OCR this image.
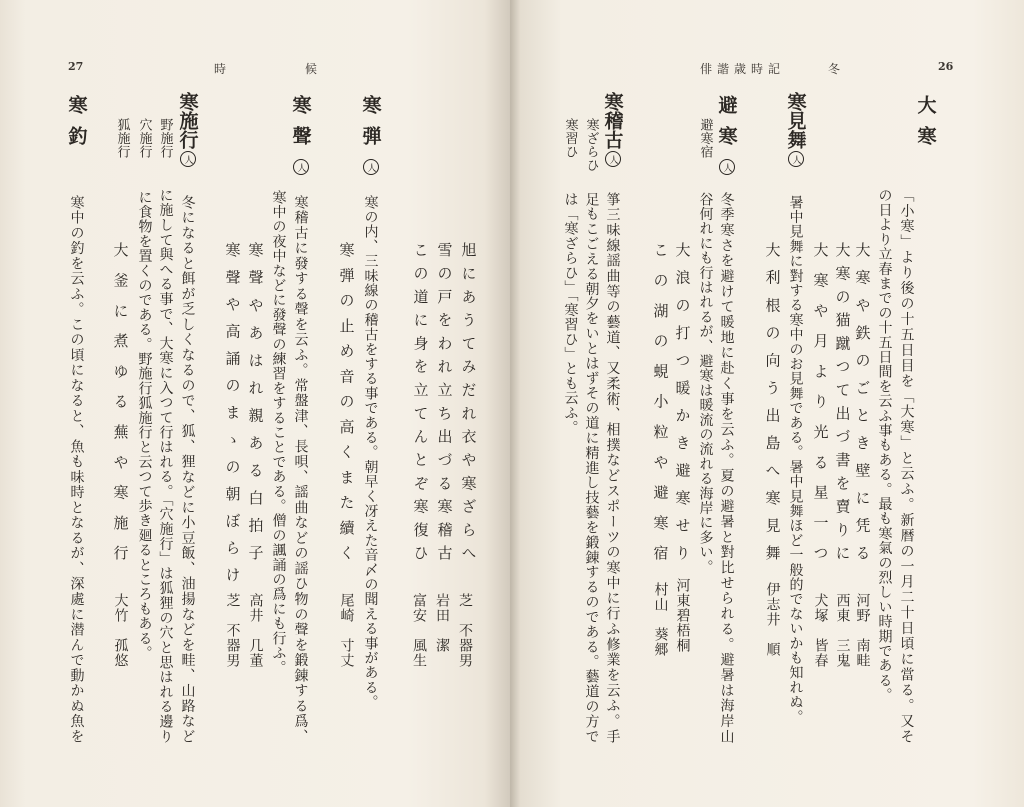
27	時	候
旭にあうてみだれ衣や寒ざらへ
芝　不器男
雪の戸をわれ立ち出づる寒稽古
岩田　潔
この道に身を立てんとぞ寒復ひ
富安　風生
寒弾人
寒の内、三味線の稽古をする事である。朝早く冴えた音〆の聞える事がある。
寒弾の止め音の高くまた續く
尾崎　寸丈
寒聲人
寒稽古に發する聲を云ふ。常盤津、長唄、謡曲などの謡ひ物の聲を鍛錬する爲、
寒中の夜中などに發聲の練習をすることである。僧の諷誦の爲にも行ふ。
寒聲やあはれ親ある白拍子
高井　几董
寒聲や高誦のまゝの朝ぼらけ
芝　不器男
寒施行人
冬になると餌が乏しくなるので、狐、狸などに小豆飯、油揚などを畦、山路など
野施行
に施して與へる事で、大寒に入つて行はれる。「穴施行」は狐狸の穴と思はれる邊り
穴施行
に食物を置くのである。野施行狐施行と云つて歩き廻るところもある。
狐施行
大釜に煮ゆる蕪や寒施行
大竹　孤悠
寒釣
寒中の釣を云ふ。この頃になると、魚も味時となるが、深處に潜んで動かぬ魚を
俳諧歳時記	冬	26
大寒
「小寒」より後の十五日目を「大寒」と云ふ。新暦の一月二十日頃に當る。又そ
の日より立春までの十五日間を云ふ事もある。最も寒氣の烈しい時期である。
大寒や鉄のごとき壁に凭る
河野　南畦
大寒の猫蹴つて出づ書を賣りに
西東　三鬼
大寒や月より光る星一つ
犬塚　皆春
寒見舞人
暑中見舞に對する寒中のお見舞である。暑中見舞ほど一般的でないかも知れぬ。
大利根の向う出島へ寒見舞
伊志井　順
避寒人
冬季寒さを避けて暖地に赴く事を云ふ。夏の避暑と對比せられる。避暑は海岸山
避寒宿
谷何れにも行はれるが、避寒は暖流の流れる海岸に多い。
大浪の打つ暖かき避寒せり
河東碧梧桐
この湖の蜆小粒や避寒宿
村山　葵郷
寒稽古人
箏三味線謡曲等の藝道、又柔術、相撲などスポーツの寒中に行ふ修業を云ふ。手
寒ざらひ
足もこごえる朝夕をいとはずその道に精進し技藝を鍛錬するのである。藝道の方で
寒習ひ
は「寒ざらひ」「寒習ひ」とも云ふ。
